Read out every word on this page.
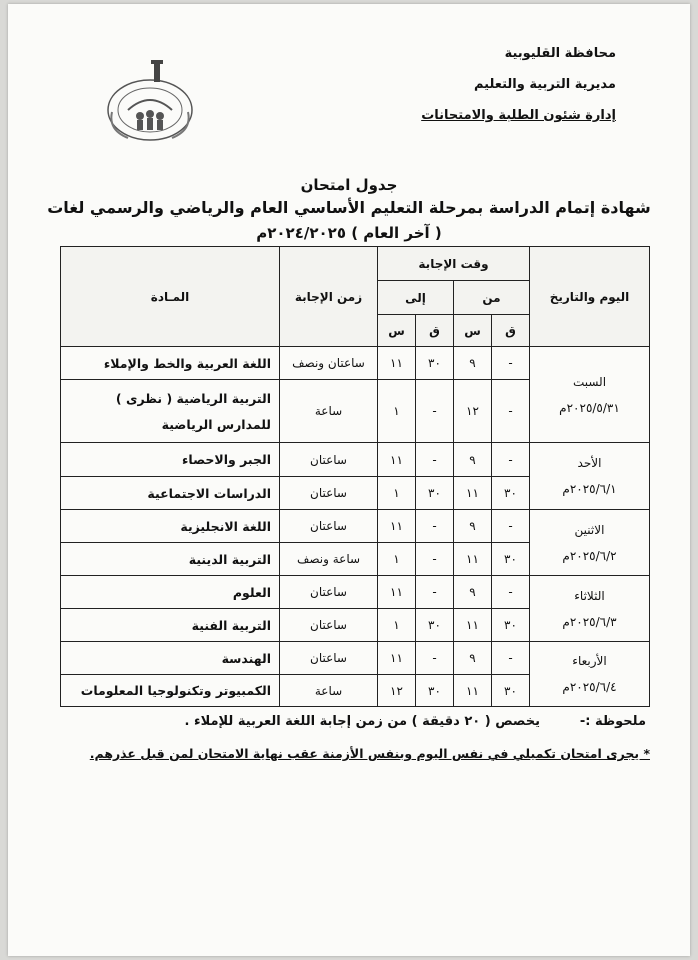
محافظة القليوبية
مديرية التربية والتعليم
إدارة شئون الطلبة والامتحانات
جدول امتحان
شهادة إتمام الدراسة بمرحلة التعليم الأساسي العام والرياضي والرسمي لغات
( آخر العام ) ٢٠٢٤/٢٠٢٥م
اليوم والتاريخ	وقت الإجابة				زمن الإجابة	المـادة
	من		إلى			
	ق	س	ق	س		

السبت
٢٠٢٥/٥/٣١م	-	٩	٣٠	١١	ساعتان ونصف	اللغة العربية والخط والإملاء
	-	١٢	-	١	ساعة	التربية الرياضية ( نظرى )
للمدارس الرياضية

الأحد
٢٠٢٥/٦/١م	-	٩	-	١١	ساعتان	الجبر والاحصاء
	٣٠	١١	٣٠	١	ساعتان	الدراسات الاجتماعية

الاثنين
٢٠٢٥/٦/٢م	-	٩	-	١١	ساعتان	اللغة الانجليزية
	٣٠	١١	-	١	ساعة ونصف	التربية الدينية

الثلاثاء
٢٠٢٥/٦/٣م	-	٩	-	١١	ساعتان	العلوم
	٣٠	١١	٣٠	١	ساعتان	التربية الفنية

الأربعاء
٢٠٢٥/٦/٤م	-	٩	-	١١	ساعتان	الهندسة
	٣٠	١١	٣٠	١٢	ساعة	الكمبيوتر وتكنولوجيا المعلومات
ملحوظة :-
يخصص ( ٢٠ دقيقة ) من زمن إجابة اللغة العربية للإملاء .
* يجرى امتحان تكميلي في نفس اليوم وبنفس الأزمنة عقب نهاية الامتحان لمن قبل عذرهم.
